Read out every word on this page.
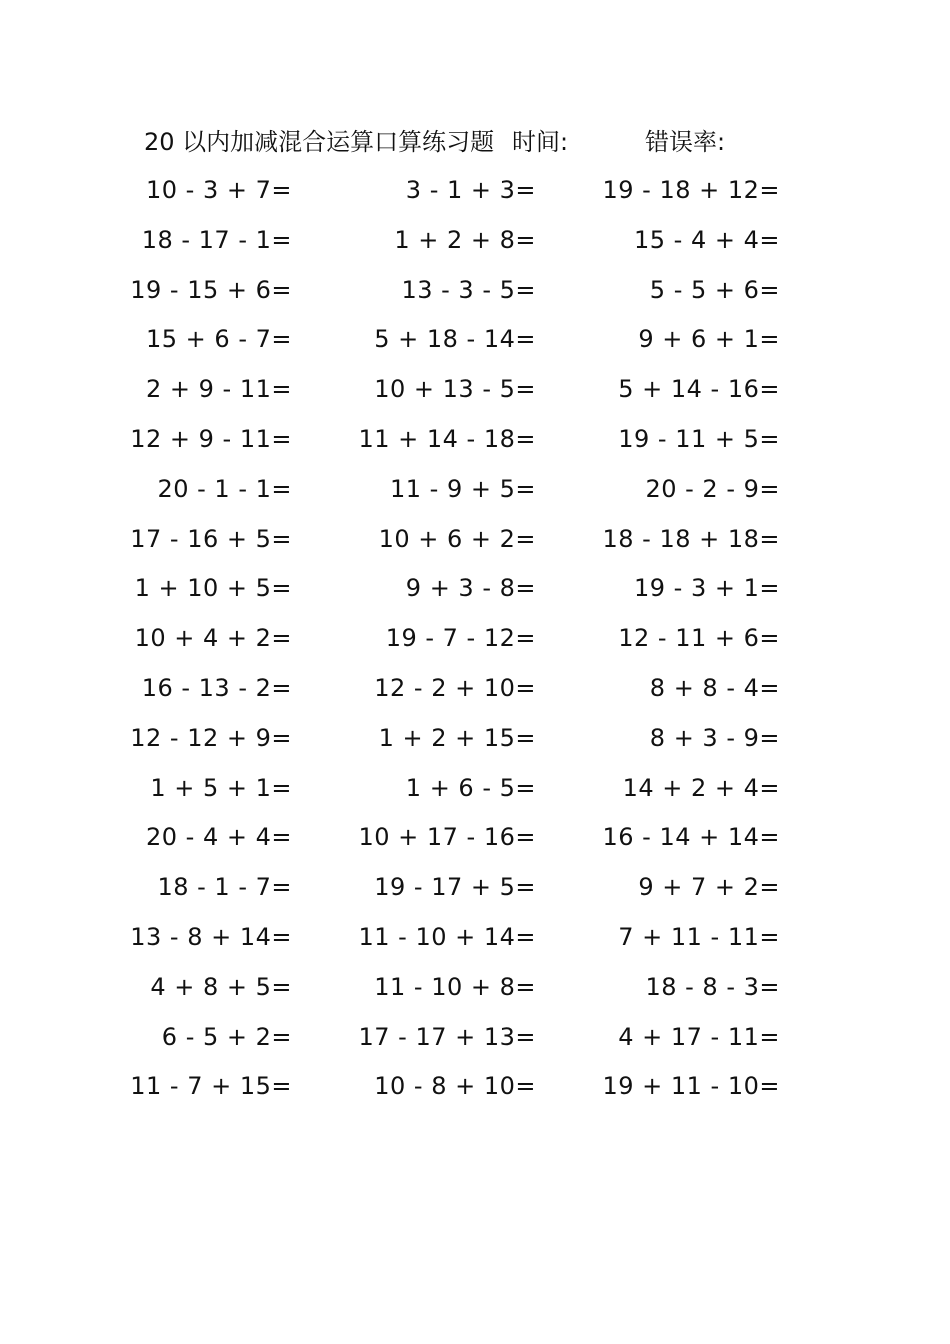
20 以内加减混合运算口算练习题 时间:	错误率:
10 - 3 + 7=	3 - 1 + 3=	19 - 18 + 12=
18 - 17 - 1=	1 + 2 + 8=	15 - 4 + 4=
19 - 15 + 6=	13 - 3 - 5=	5 - 5 + 6=
15 + 6 - 7=	5 + 18 - 14=	9 + 6 + 1=
2 + 9 - 11=	10 + 13 - 5=	5 + 14 - 16=
12 + 9 - 11=	11 + 14 - 18=	19 - 11 + 5=
20 - 1 - 1=	11 - 9 + 5=	20 - 2 - 9=
17 - 16 + 5=	10 + 6 + 2=	18 - 18 + 18=
1 + 10 + 5=	9 + 3 - 8=	19 - 3 + 1=
10 + 4 + 2=	19 - 7 - 12=	12 - 11 + 6=
16 - 13 - 2=	12 - 2 + 10=	8 + 8 - 4=
12 - 12 + 9=	1 + 2 + 15=	8 + 3 - 9=
1 + 5 + 1=	1 + 6 - 5=	14 + 2 + 4=
20 - 4 + 4=	10 + 17 - 16=	16 - 14 + 14=
18 - 1 - 7=	19 - 17 + 5=	9 + 7 + 2=
13 - 8 + 14=	11 - 10 + 14=	7 + 11 - 11=
4 + 8 + 5=	11 - 10 + 8=	18 - 8 - 3=
6 - 5 + 2=	17 - 17 + 13=	4 + 17 - 11=
11 - 7 + 15=	10 - 8 + 10=	19 + 11 - 10=
